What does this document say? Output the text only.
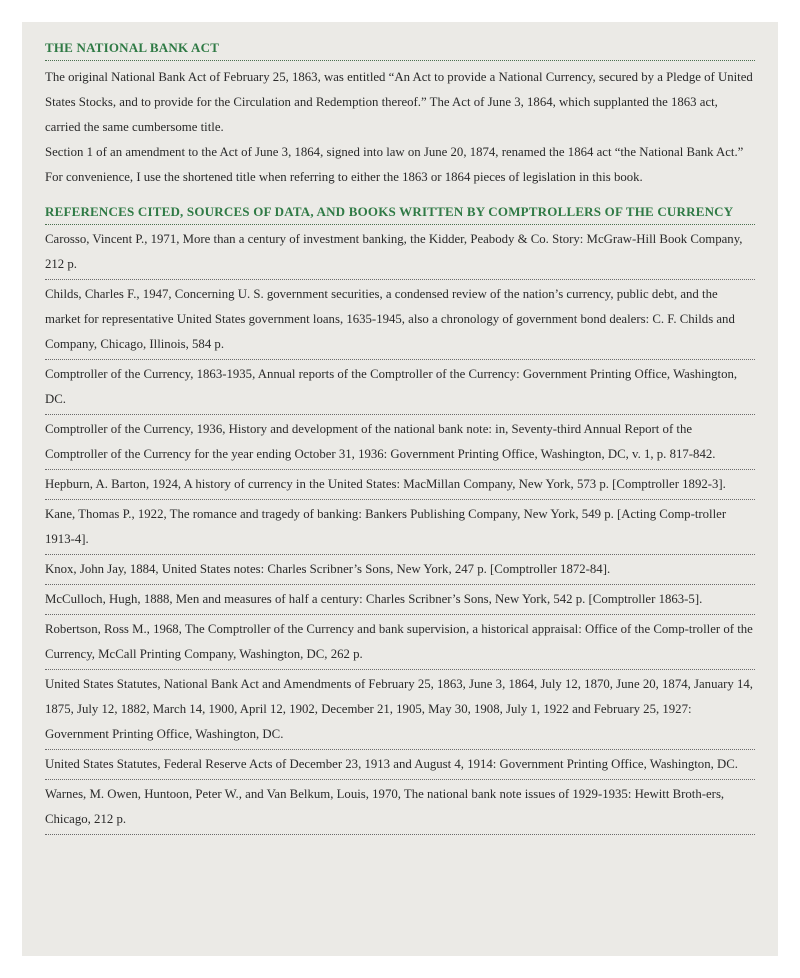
THE NATIONAL BANK ACT

The original National Bank Act of February 25, 1863, was entitled “An Act to provide a National Currency, secured by a Pledge of United States Stocks, and to provide for the Circulation and Redemption thereof.” The Act of June 3, 1864, which supplanted the 1863 act, carried the same cumbersome title.

Section 1 of an amendment to the Act of June 3, 1864, signed into law on June 20, 1874, renamed the 1864 act “the National Bank Act.” For convenience, I use the shortened title when referring to either the 1863 or 1864 pieces of legislation in this book.

REFERENCES CITED, SOURCES OF DATA, AND BOOKS WRITTEN BY COMPTROLLERS OF THE CURRENCY
Carosso, Vincent P., 1971, More than a century of investment banking, the Kidder, Peabody & Co. Story: McGraw-Hill Book Company, 212 p.
Childs, Charles F., 1947, Concerning U. S. government securities, a condensed review of the nation’s currency, public debt, and the market for representative United States government loans, 1635-1945, also a chronology of government bond dealers: C. F. Childs and Company, Chicago, Illinois, 584 p.
Comptroller of the Currency, 1863-1935, Annual reports of the Comptroller of the Currency: Government Printing Office, Washington, DC.
Comptroller of the Currency, 1936, History and development of the national bank note: in, Seventy-third Annual Report of the Comptroller of the Currency for the year ending October 31, 1936: Government Printing Office, Washington, DC, v. 1, p. 817-842.
Hepburn, A. Barton, 1924, A history of currency in the United States: MacMillan Company, New York, 573 p. [Comptroller 1892-3].
Kane, Thomas P., 1922, The romance and tragedy of banking: Bankers Publishing Company, New York, 549 p. [Acting Comp-troller 1913-4].
Knox, John Jay, 1884, United States notes: Charles Scribner’s Sons, New York, 247 p. [Comptroller 1872-84].
McCulloch, Hugh, 1888, Men and measures of half a century: Charles Scribner’s Sons, New York, 542 p. [Comptroller 1863-5].
Robertson, Ross M., 1968, The Comptroller of the Currency and bank supervision, a historical appraisal: Office of the Comp-troller of the Currency, McCall Printing Company, Washington, DC, 262 p.
United States Statutes, National Bank Act and Amendments of February 25, 1863, June 3, 1864, July 12, 1870, June 20, 1874, January 14, 1875, July 12, 1882, March 14, 1900, April 12, 1902, December 21, 1905, May 30, 1908, July 1, 1922 and February 25, 1927: Government Printing Office, Washington, DC.
United States Statutes, Federal Reserve Acts of December 23, 1913 and August 4, 1914: Government Printing Office, Washington, DC.
Warnes, M. Owen, Huntoon, Peter W., and Van Belkum, Louis, 1970, The national bank note issues of 1929-1935: Hewitt Broth-ers, Chicago, 212 p.
